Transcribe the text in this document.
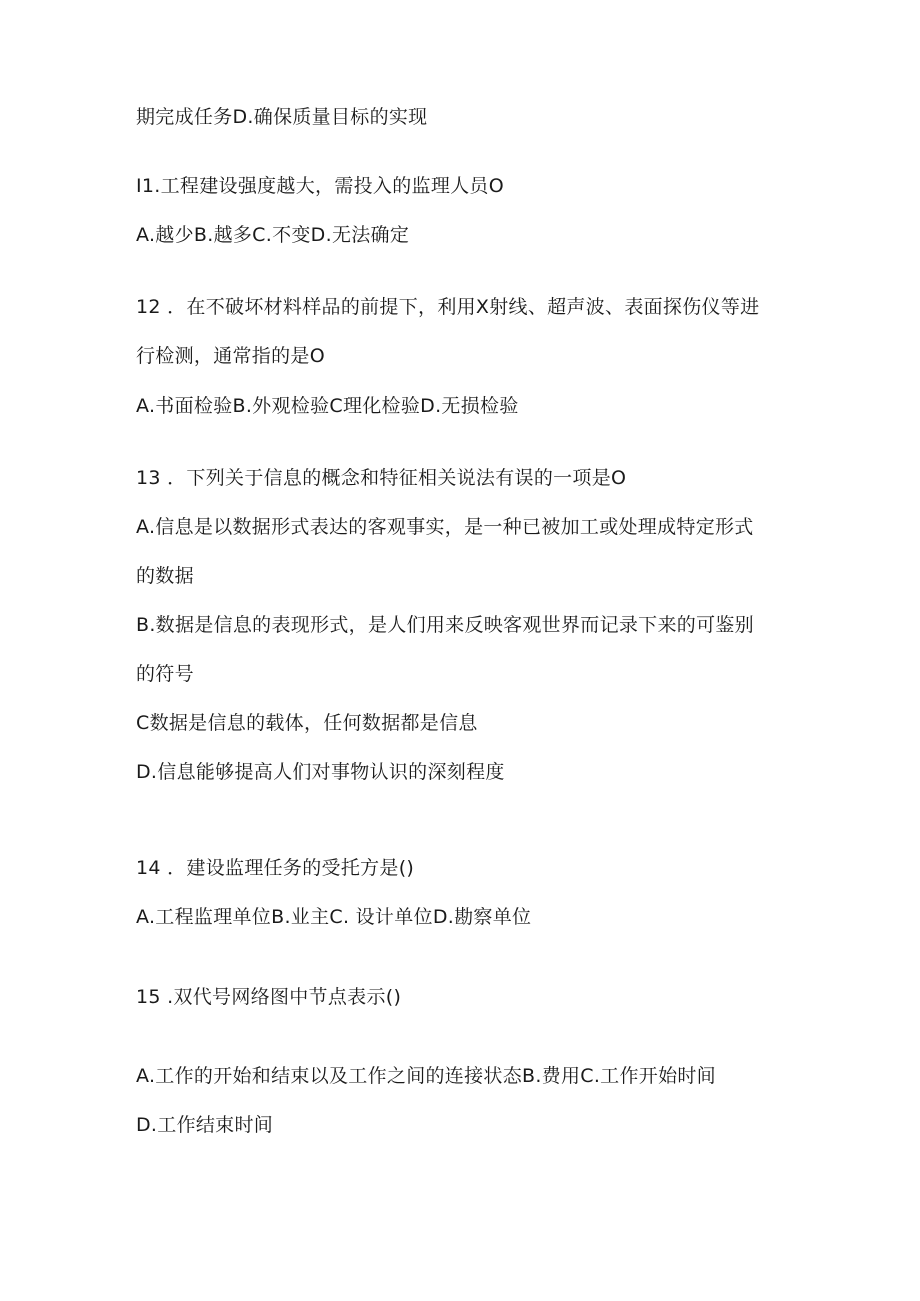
期完成任务D.确保质量目标的实现

I1.工程建设强度越大，需投入的监理人员O

A.越少B.越多C.不变D.无法确定

12 ．在不破坏材料样品的前提下，利用X射线、超声波、表面探伤仪等进

行检测，通常指的是O

A.书面检验B.外观检验C理化检验D.无损检验

13 ．下列关于信息的概念和特征相关说法有误的一项是O

A.信息是以数据形式表达的客观事实，是一种已被加工或处理成特定形式

的数据

B.数据是信息的表现形式，是人们用来反映客观世界而记录下来的可鉴别

的符号

C数据是信息的载体，任何数据都是信息

D.信息能够提高人们对事物认识的深刻程度

14 ．建设监理任务的受托方是()

A.工程监理单位B.业主C. 设计单位D.勘察单位

15 .双代号网络图中节点表示()

A.工作的开始和结束以及工作之间的连接状态B.费用C.工作开始时间

D.工作结束时间
